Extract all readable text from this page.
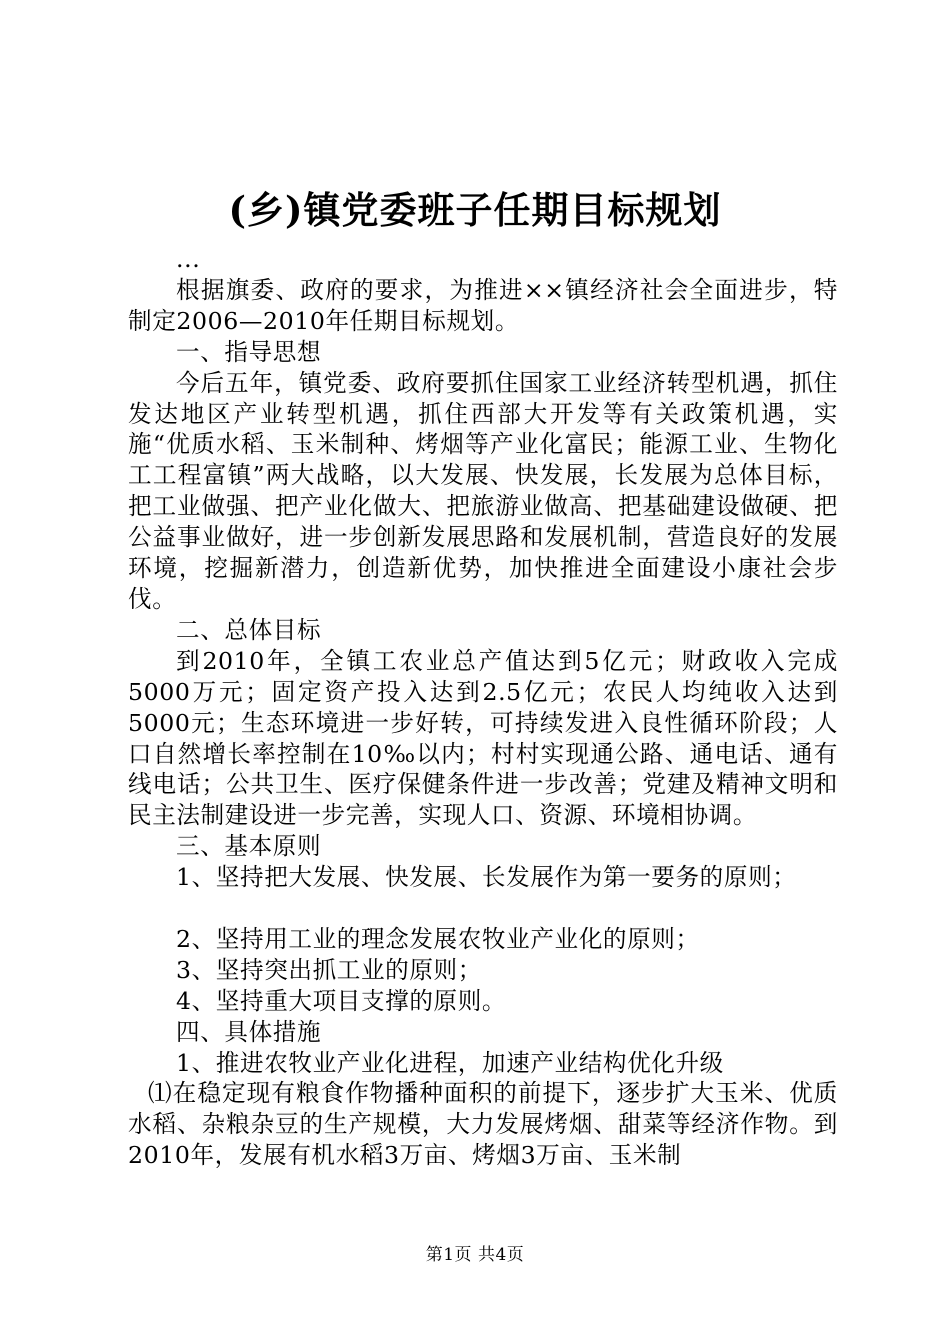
(乡)镇党委班子任期目标规划

...

根据旗委、政府的要求，为推进××镇经济社会全面进步，特制定2006—2010年任期目标规划。

一、指导思想

今后五年，镇党委、政府要抓住国家工业经济转型机遇，抓住发达地区产业转型机遇，抓住西部大开发等有关政策机遇，实施“优质水稻、玉米制种、烤烟等产业化富民；能源工业、生物化工工程富镇”两大战略，以大发展、快发展，长发展为总体目标，把工业做强、把产业化做大、把旅游业做高、把基础建设做硬、把公益事业做好，进一步创新发展思路和发展机制，营造良好的发展环境，挖掘新潜力，创造新优势，加快推进全面建设小康社会步伐。

二、总体目标

到2010年，全镇工农业总产值达到5亿元；财政收入完成5000万元；固定资产投入达到2.5亿元；农民人均纯收入达到5000元；生态环境进一步好转，可持续发进入良性循环阶段；人口自然增长率控制在10‰以内；村村实现通公路、通电话、通有线电话；公共卫生、医疗保健条件进一步改善；党建及精神文明和民主法制建设进一步完善，实现人口、资源、环境相协调。

三、基本原则

1、坚持把大发展、快发展、长发展作为第一要务的原则；

2、坚持用工业的理念发展农牧业产业化的原则；

3、坚持突出抓工业的原则；

4、坚持重大项目支撑的原则。

四、具体措施

1、推进农牧业产业化进程，加速产业结构优化升级

⑴在稳定现有粮食作物播种面积的前提下，逐步扩大玉米、优质水稻、杂粮杂豆的生产规模，大力发展烤烟、甜菜等经济作物。到2010年，发展有机水稻3万亩、烤烟3万亩、玉米制

第1页 共4页
